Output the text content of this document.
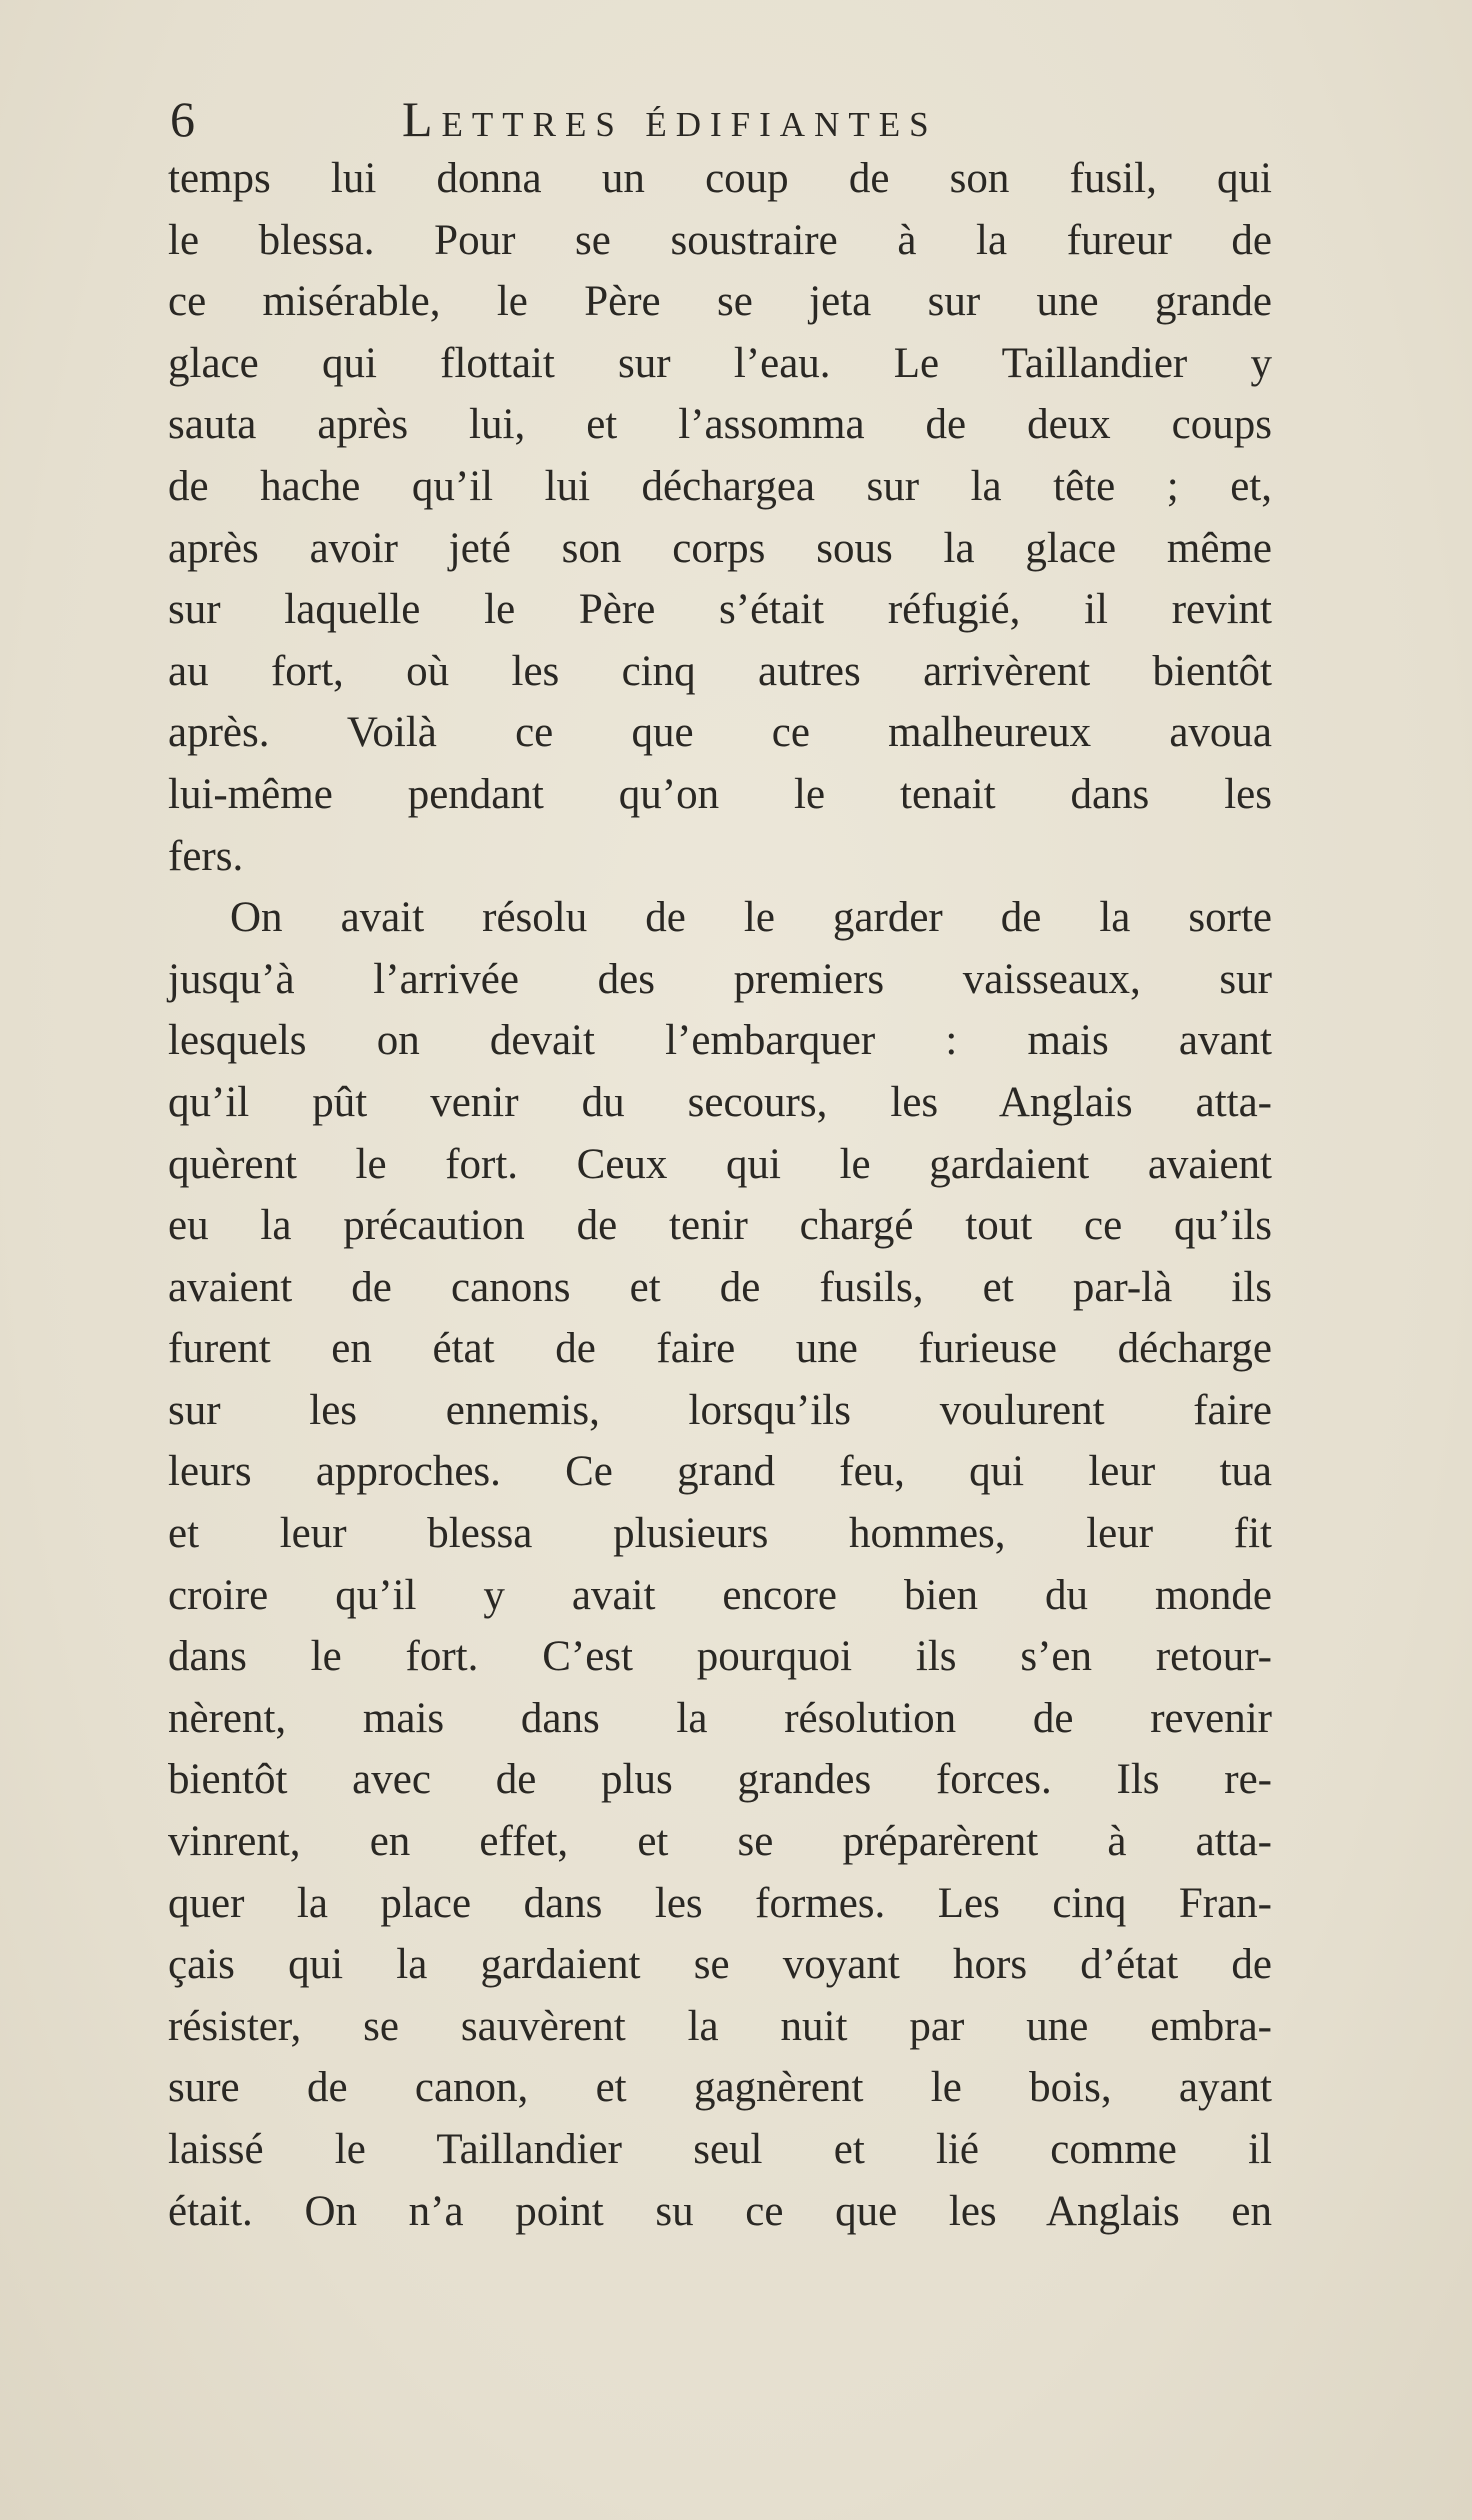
6	Lettres édifiantes
temps lui donna un coup de son fusil, qui
le blessa. Pour se soustraire à la fureur de
ce misérable, le Père se jeta sur une grande
glace qui flottait sur l’eau. Le Taillandier y
sauta après lui, et l’assomma de deux coups
de hache qu’il lui déchargea sur la tête ; et,
après avoir jeté son corps sous la glace même
sur laquelle le Père s’était réfugié, il revint
au fort, où les cinq autres arrivèrent bientôt
après. Voilà ce que ce malheureux avoua
lui-même pendant qu’on le tenait dans les
fers.
On avait résolu de le garder de la sorte
jusqu’à l’arrivée des premiers vaisseaux, sur
lesquels on devait l’embarquer : mais avant
qu’il pût venir du secours, les Anglais atta-
quèrent le fort. Ceux qui le gardaient avaient
eu la précaution de tenir chargé tout ce qu’ils
avaient de canons et de fusils, et par-là ils
furent en état de faire une furieuse décharge
sur les ennemis, lorsqu’ils voulurent faire
leurs approches. Ce grand feu, qui leur tua
et leur blessa plusieurs hommes, leur fit
croire qu’il y avait encore bien du monde
dans le fort. C’est pourquoi ils s’en retour-
nèrent, mais dans la résolution de revenir
bientôt avec de plus grandes forces. Ils re-
vinrent, en effet, et se préparèrent à atta-
quer la place dans les formes. Les cinq Fran-
çais qui la gardaient se voyant hors d’état de
résister, se sauvèrent la nuit par une embra-
sure de canon, et gagnèrent le bois, ayant
laissé le Taillandier seul et lié comme il
était. On n’a point su ce que les Anglais en
